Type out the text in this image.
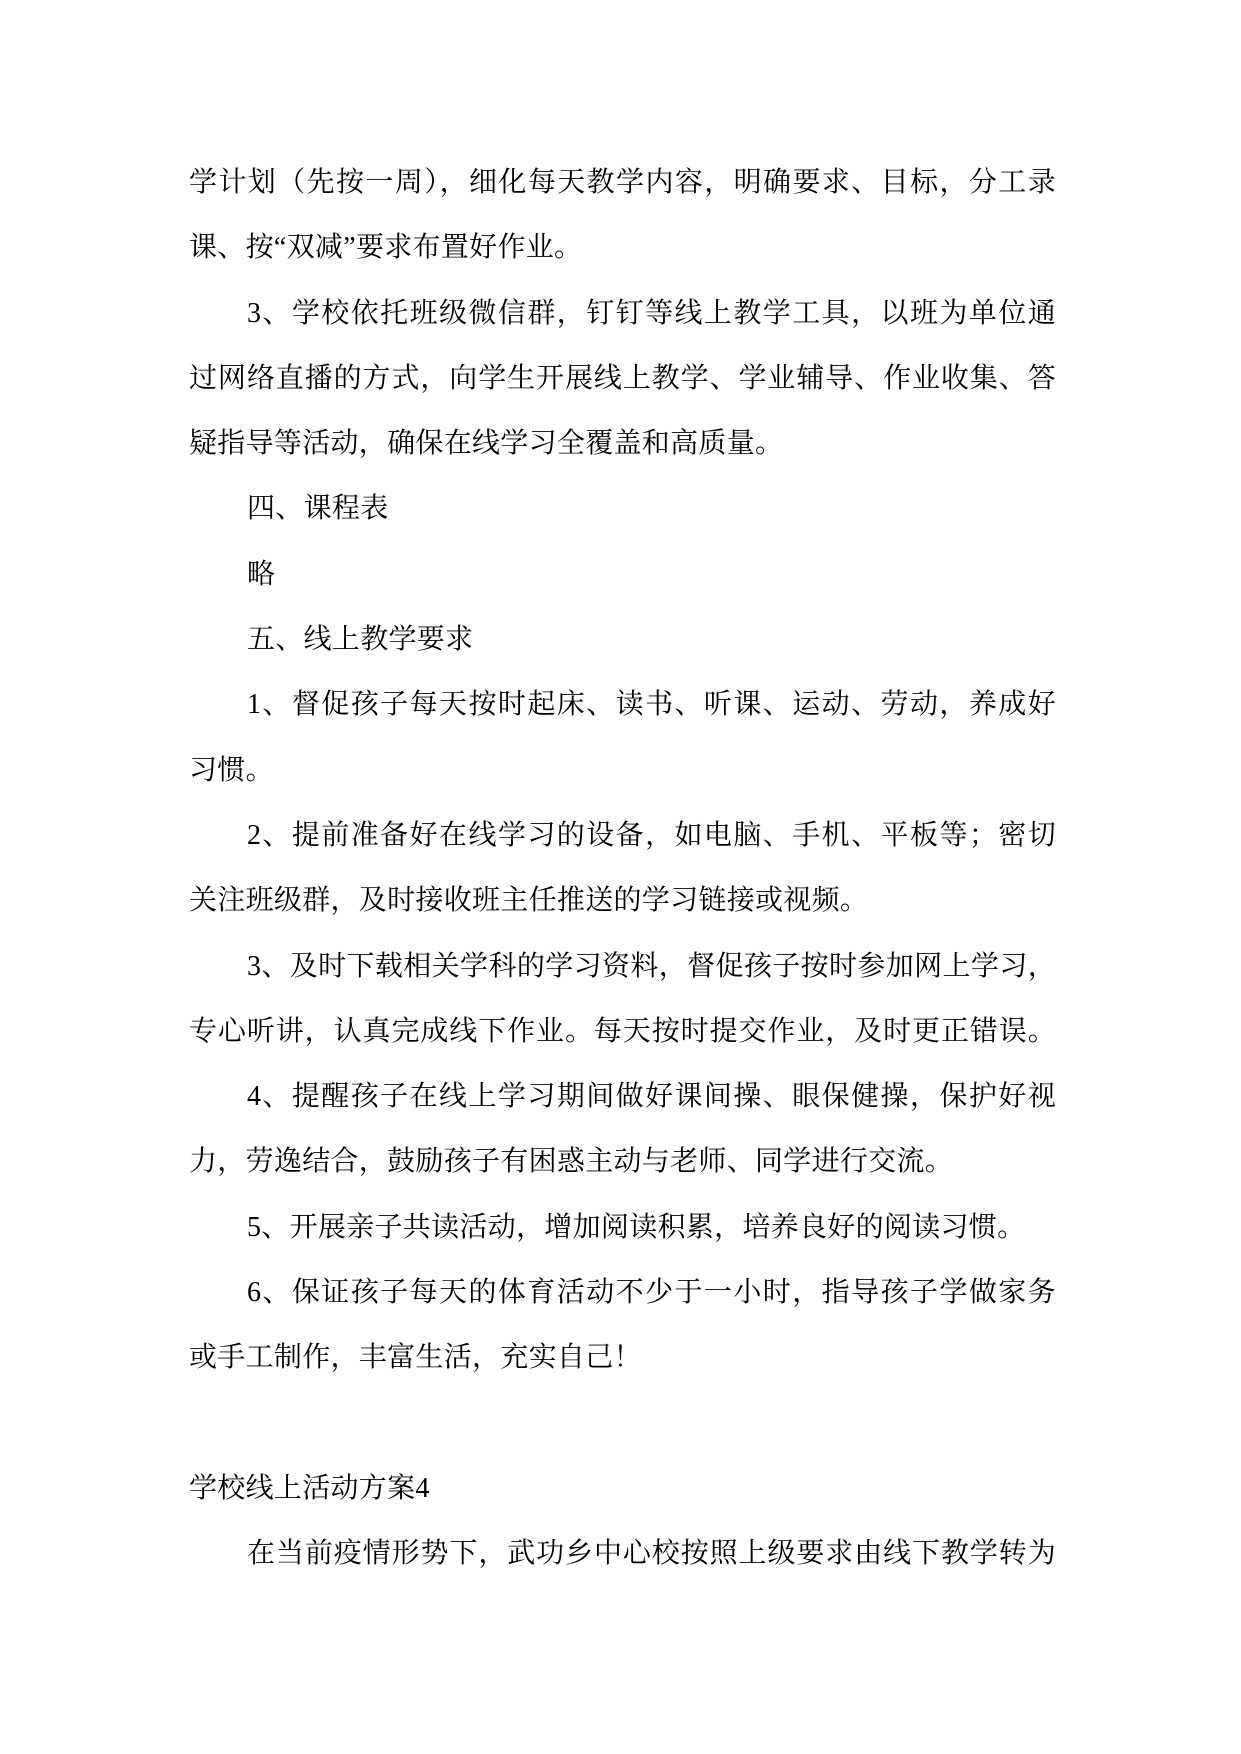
学计划（先按一周），细化每天教学内容，明确要求、目标，分工录
课、按“双减”要求布置好作业。
3、学校依托班级微信群，钉钉等线上教学工具，以班为单位通
过网络直播的方式，向学生开展线上教学、学业辅导、作业收集、答
疑指导等活动，确保在线学习全覆盖和高质量。
四、课程表
略
五、线上教学要求
1、督促孩子每天按时起床、读书、听课、运动、劳动，养成好
习惯。
2、提前准备好在线学习的设备，如电脑、手机、平板等；密切
关注班级群，及时接收班主任推送的学习链接或视频。
3、及时下载相关学科的学习资料，督促孩子按时参加网上学习，
专心听讲，认真完成线下作业。每天按时提交作业，及时更正错误。
4、提醒孩子在线上学习期间做好课间操、眼保健操，保护好视
力，劳逸结合，鼓励孩子有困惑主动与老师、同学进行交流。
5、开展亲子共读活动，增加阅读积累，培养良好的阅读习惯。
6、保证孩子每天的体育活动不少于一小时，指导孩子学做家务
或手工制作，丰富生活，充实自己！
学校线上活动方案4
在当前疫情形势下，武功乡中心校按照上级要求由线下教学转为
